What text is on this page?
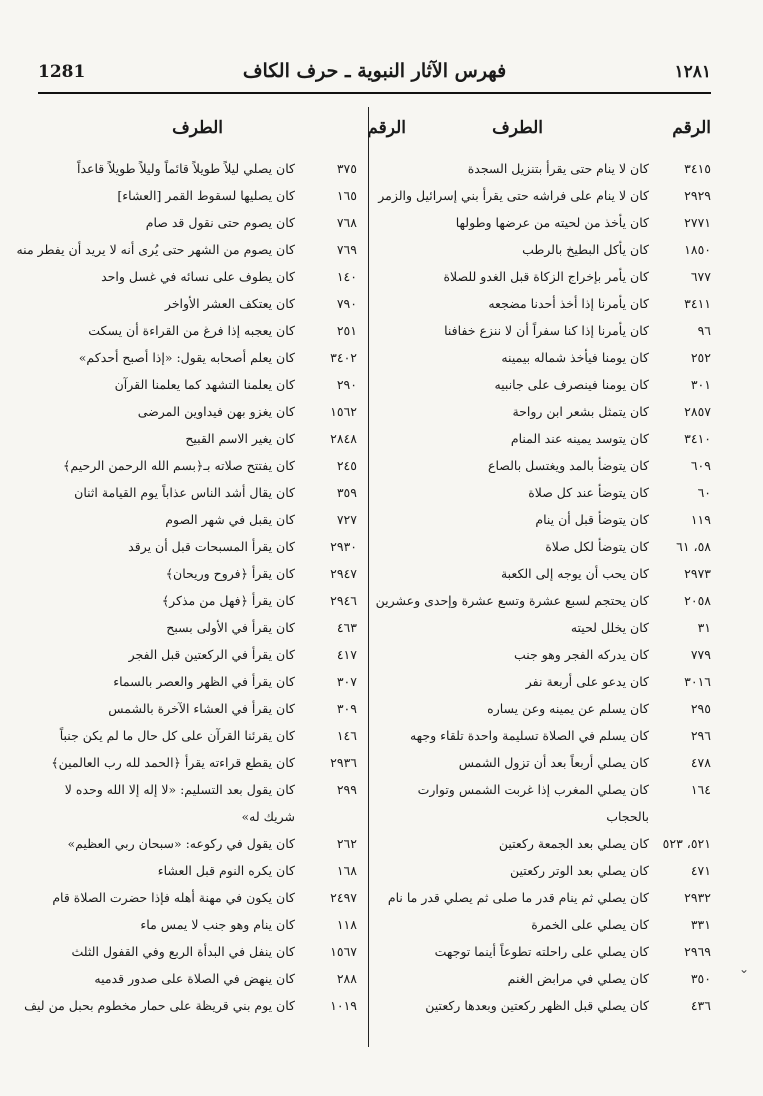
1281	فهرس الآثار النبوية ـ حرف الكاف	١٢٨١
الرقم
الطرف
الرقم
الطرف
٣٤١٥
كان لا ينام حتى يقرأ بتنزيل السجدة
٢٩٢٩
كان لا ينام على فراشه حتى يقرأ بني إسرائيل والزمر
٢٧٧١
كان يأخذ من لحيته من عرضها وطولها
١٨٥٠
كان يأكل البطيخ بالرطب
٦٧٧
كان يأمر بإخراج الزكاة قبل الغدو للصلاة
٣٤١١
كان يأمرنا إذا أخذ أحدنا مضجعه
٩٦
كان يأمرنا إذا كنا سفراً أن لا ننزع خفافنا
٢٥٢
كان يومنا فيأخذ شماله بيمينه
٣٠١
كان يومنا فينصرف على جانبيه
٢٨٥٧
كان يتمثل بشعر ابن رواحة
٣٤١٠
كان يتوسد يمينه عند المنام
٦٠٩
كان يتوضأ بالمد ويغتسل بالصاع
٦٠
كان يتوضأ عند كل صلاة
١١٩
كان يتوضأ قبل أن ينام
٥٨، ٦١
كان يتوضأ لكل صلاة
٢٩٧٣
كان يحب أن يوجه إلى الكعبة
٢٠٥٨
كان يحتجم لسبع عشرة وتسع عشرة وإحدى وعشرين
٣١
كان يخلل لحيته
٧٧٩
كان يدركه الفجر وهو جنب
٣٠١٦
كان يدعو على أربعة نفر
٢٩٥
كان يسلم عن يمينه وعن يساره
٢٩٦
كان يسلم في الصلاة تسليمة واحدة تلقاء وجهه
٤٧٨
كان يصلي أربعاً بعد أن تزول الشمس
١٦٤
كان يصلي المغرب إذا غربت الشمس وتوارت بالحجاب
٥٢١، ٥٢٣
كان يصلي بعد الجمعة ركعتين
٤٧١
كان يصلي بعد الوتر ركعتين
٢٩٣٢
كان يصلي ثم ينام قدر ما صلى ثم يصلي قدر ما نام
٣٣١
كان يصلي على الخمرة
٢٩٦٩
كان يصلي على راحلته تطوعاً أينما توجهت
٣٥٠
كان يصلي في مرابض الغنم
٤٣٦
كان يصلي قبل الظهر ركعتين وبعدها ركعتين
٣٧٥
كان يصلي ليلاً طويلاً قائماً وليلاً طويلاً قاعداً
١٦٥
كان يصليها لسقوط القمر [العشاء]
٧٦٨
كان يصوم حتى نقول قد صام
٧٦٩
كان يصوم من الشهر حتى يُرى أنه لا يريد أن يفطر منه
١٤٠
كان يطوف على نسائه في غسل واحد
٧٩٠
كان يعتكف العشر الأواخر
٢٥١
كان يعجبه إذا فرغ من القراءة أن يسكت
٣٤٠٢
كان يعلم أصحابه يقول: «إذا أصبح أحدكم»
٢٩٠
كان يعلمنا التشهد كما يعلمنا القرآن
١٥٦٢
كان يغزو بهن فيداوين المرضى
٢٨٤٨
كان يغير الاسم القبيح
٢٤٥
كان يفتتح صلاته بـ﴿بسم الله الرحمن الرحيم﴾
٣٥٩
كان يقال أشد الناس عذاباً يوم القيامة اثنان
٧٢٧
كان يقبل في شهر الصوم
٢٩٣٠
كان يقرأ المسبحات قبل أن يرقد
٢٩٤٧
كان يقرأ ﴿فروح وريحان﴾
٢٩٤٦
كان يقرأ ﴿فهل من مذكر﴾
٤٦٣
كان يقرأ في الأولى بسبح
٤١٧
كان يقرأ في الركعتين قبل الفجر
٣٠٧
كان يقرأ في الظهر والعصر بالسماء
٣٠٩
كان يقرأ في العشاء الآخرة بالشمس
١٤٦
كان يقرئنا القرآن على كل حال ما لم يكن جنباً
٢٩٣٦
كان يقطع قراءته يقرأ ﴿الحمد لله رب العالمين﴾
٢٩٩
كان يقول بعد التسليم: «لا إله إلا الله وحده لا شريك له»
٢٦٢
كان يقول في ركوعه: «سبحان ربي العظيم»
١٦٨
كان يكره النوم قبل العشاء
٢٤٩٧
كان يكون في مهنة أهله فإذا حضرت الصلاة قام
١١٨
كان ينام وهو جنب لا يمس ماء
١٥٦٧
كان ينفل في البدأة الربع وفي القفول الثلث
٢٨٨
كان ينهض في الصلاة على صدور قدميه
١٠١٩
كان يوم بني قريظة على حمار مخطوم بحبل من ليف
⌄
